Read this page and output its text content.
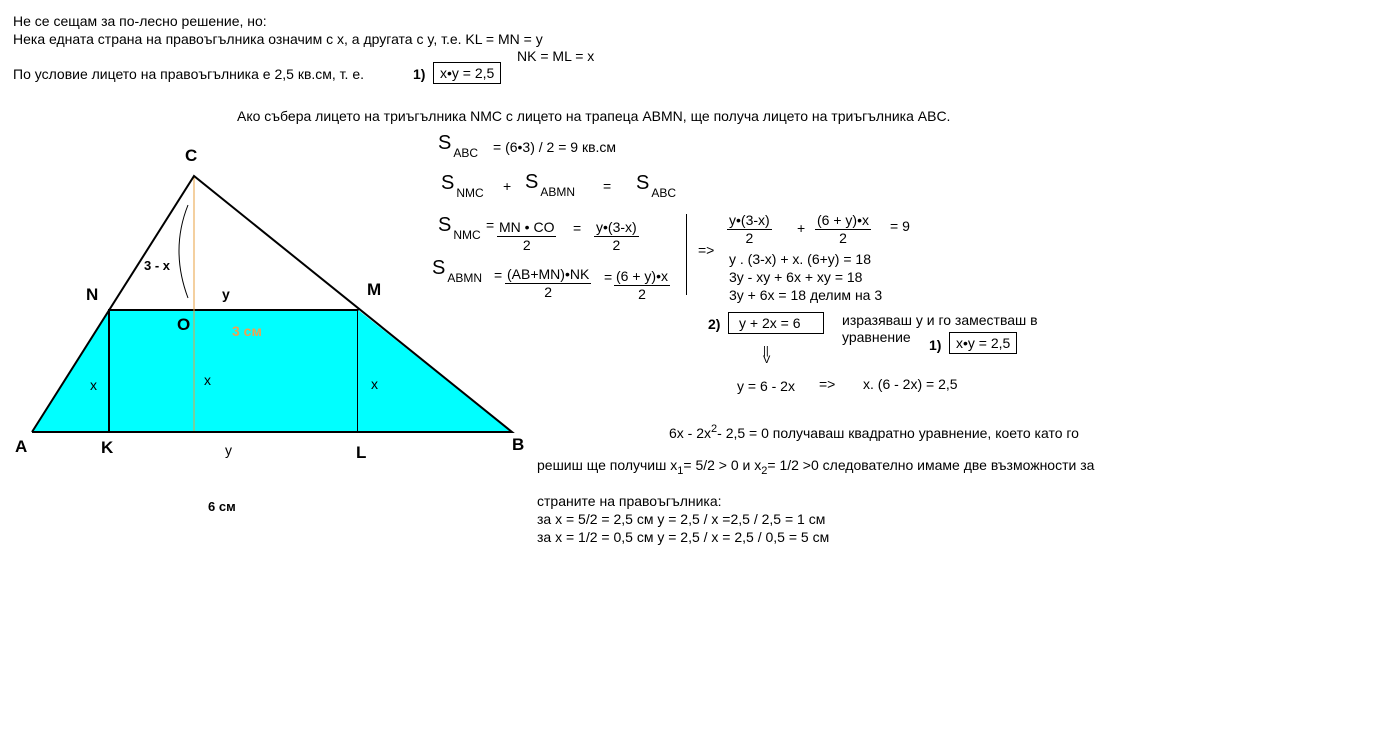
C
N	M
O
A	K	L	B
3 - x
y
3 см
x	x	x
y
6 см
Не се сещам за по-лесно решение, но:
Нека едната страна на правоъгълника означим с x, а другата с y, т.е. KL = MN = y
NK = ML = x
По условие лицето на правоъгълника е 2,5 кв.см, т. е.	1)	x•y = 2,5
Ако събера лицето на триъгълника NMC с лицето на трапеца ABMN, ще получа лицето на триъгълника ABC.
S $_{ABC}$ = (6•3) / 2 = 9 кв.см
S $_{NMC}$ + S $_{ABMN}$ = S $_{ABC}$
S $_{NMC}$
= $\frac{MN • CO}{2} = \frac{y•(3-x)}{2}$
S $_{ABMN} = \frac{(AB+MN)•NK}{2} = \frac{(6 + y)•x}{2}$
=>
$\frac{y•(3-x)}{2} + \frac{(6 + y)•x}{2} = 9$
y . (3-x) + x. (6+y) = 18
3y - xy + 6x + xy = 18
3y + 6x = 18 делим на 3
2)	y + 2x = 6	изразяваш y и го заместваш в
уравнение 1)	x•y = 2,5
||
V
y = 6 - 2x => x. (6 - 2x) = 2,5
$6x - 2x^2-$ 2,5 = 0 получаваш квадратно уравнение, което като го
решиш ще получиш $x_1= 5/2 > 0$ и $x_2= 1/2 >0$ следователно имаме две възможности за
страните на правоъгълника:
за x = 5/2 = 2,5 см y = 2,5 / x =2,5 / 2,5 = 1 см
за x = 1/2 = 0,5 см y = 2,5 / x = 2,5 / 0,5 = 5 см
